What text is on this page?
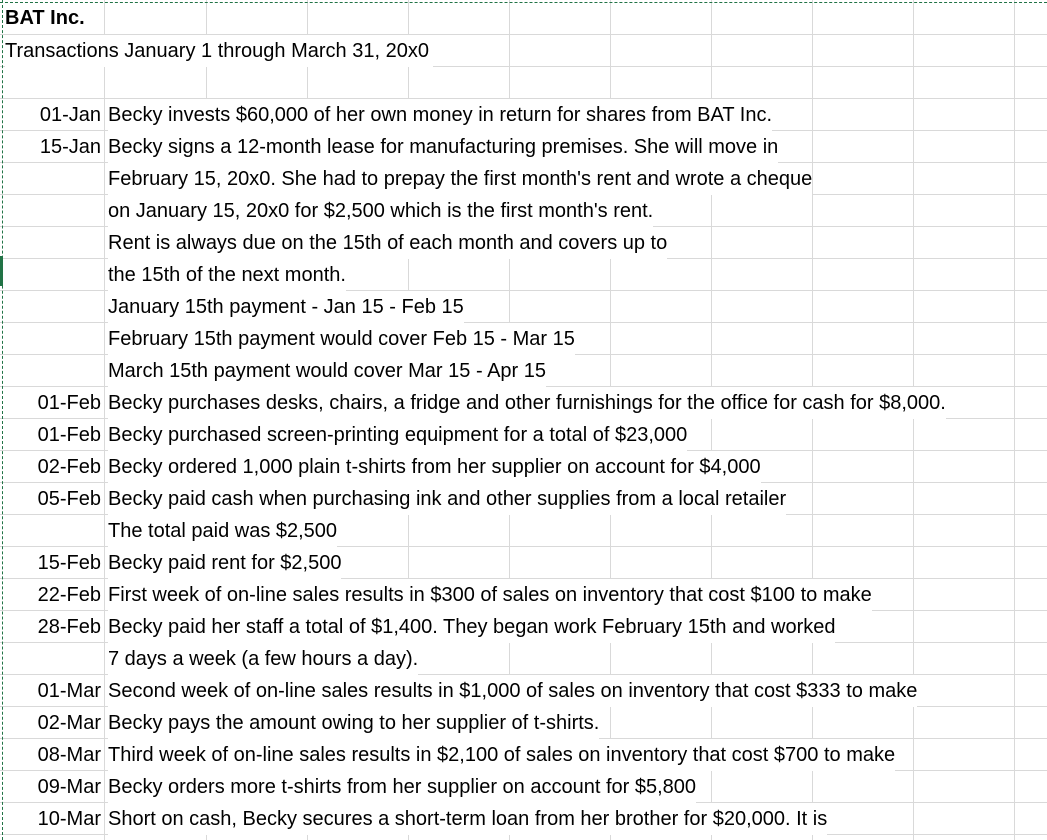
BAT Inc.
Transactions January 1 through March 31, 20x0
01-Jan Becky invests $60,000 of her own money in return for shares from BAT Inc.
15-Jan Becky signs a 12-month lease for manufacturing premises. She will move in
February 15, 20x0. She had to prepay the first month's rent and wrote a cheque
on January 15, 20x0 for $2,500 which is the first month's rent.
Rent is always due on the 15th of each month and covers up to
the 15th of the next month.
January 15th payment - Jan 15 - Feb 15
February 15th payment would cover Feb 15 - Mar 15
March 15th payment would cover Mar 15 - Apr 15
01-Feb Becky purchases desks, chairs, a fridge and other furnishings for the office for cash for $8,000.
01-Feb Becky purchased screen-printing equipment for a total of $23,000
02-Feb Becky ordered 1,000 plain t-shirts from her supplier on account for $4,000
05-Feb Becky paid cash when purchasing ink and other supplies from a local retailer
The total paid was $2,500
15-Feb Becky paid rent for $2,500
22-Feb First week of on-line sales results in $300 of sales on inventory that cost $100 to make
28-Feb Becky paid her staff a total of $1,400. They began work February 15th and worked
7 days a week (a few hours a day).
01-Mar Second week of on-line sales results in $1,000 of sales on inventory that cost $333 to make
02-Mar Becky pays the amount owing to her supplier of t-shirts.
08-Mar Third week of on-line sales results in $2,100 of sales on inventory that cost $700 to make
09-Mar Becky orders more t-shirts from her supplier on account for $5,800
10-Mar Short on cash, Becky secures a short-term loan from her brother for $20,000. It is
